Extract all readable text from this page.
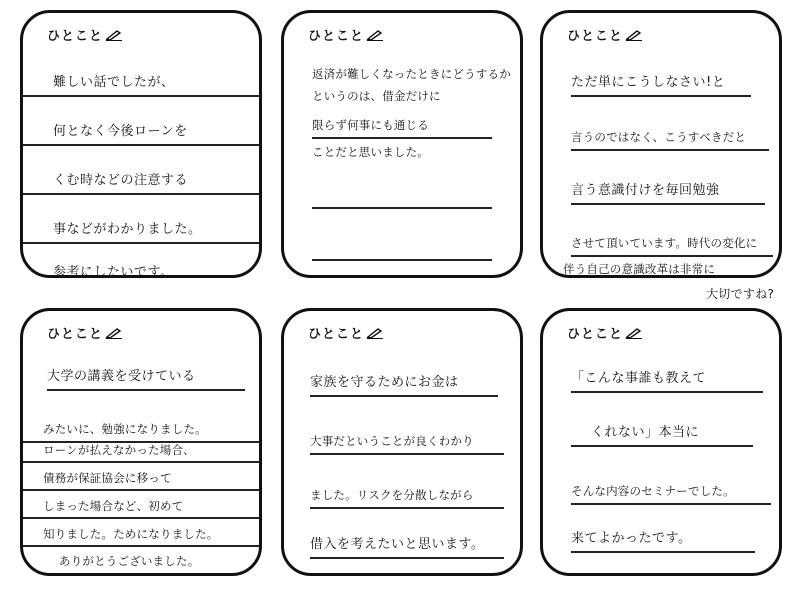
ひとこと
難しい話でしたが、
何となく今後ローンを
くむ時などの注意する
事などがわかりました。
参考にしたいです。
ひとこと
返済が難しくなったときにどうするか
というのは、借金だけに
限らず何事にも通じる
ことだと思いました。
ひとこと
ただ単にこうしなさい!と
言うのではなく、こうすべきだと
言う意識付けを毎回勉強
させて頂いています。時代の変化に
伴う自己の意識改革は非常に
大切ですね?
ひとこと
大学の講義を受けている
みたいに、勉強になりました。
ローンが払えなかった場合、
債務が保証協会に移って
しまった場合など、初めて
知りました。ためになりました。
ありがとうございました。
ひとこと
家族を守るためにお金は
大事だということが良くわかり
ました。リスクを分散しながら
借入を考えたいと思います。
ひとこと
「こんな事誰も教えて
くれない」本当に
そんな内容のセミナーでした。
来てよかったです。
